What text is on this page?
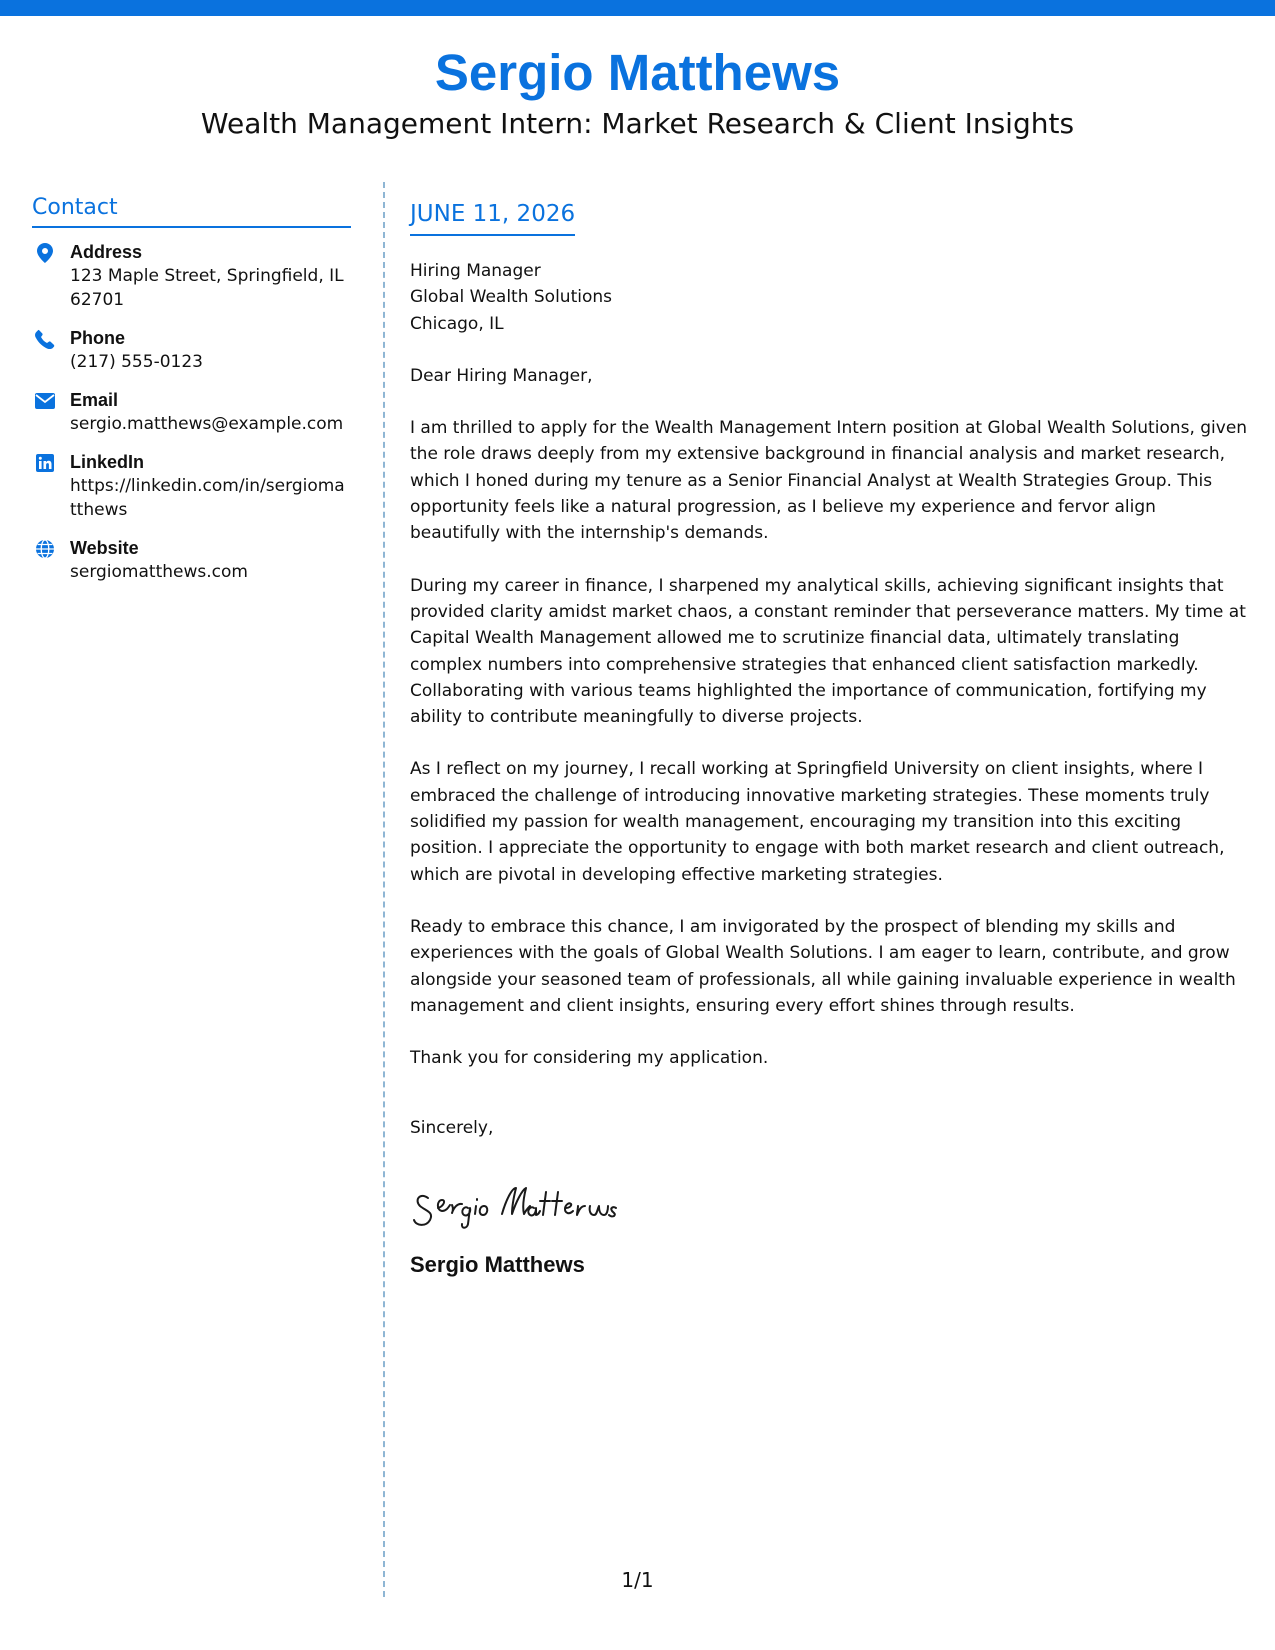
Sergio Matthews

Wealth Management Intern: Market Research & Client Insights

Contact
Address
123 Maple Street, Springfield, IL 62701
Phone
(217) 555-0123
Email
sergio.matthews@example.com
LinkedIn
https://linkedin.com/in/sergiomatthews
Website
sergiomatthews.com
JUNE 11, 2026

Hiring Manager

Global Wealth Solutions

Chicago, IL

Dear Hiring Manager,

I am thrilled to apply for the Wealth Management Intern position at Global Wealth Solutions, given the role draws deeply from my extensive background in financial analysis and market research, which I honed during my tenure as a Senior Financial Analyst at Wealth Strategies Group. This opportunity feels like a natural progression, as I believe my experience and fervor align beautifully with the internship's demands.

During my career in finance, I sharpened my analytical skills, achieving significant insights that provided clarity amidst market chaos, a constant reminder that perseverance matters. My time at Capital Wealth Management allowed me to scrutinize financial data, ultimately translating complex numbers into comprehensive strategies that enhanced client satisfaction markedly. Collaborating with various teams highlighted the importance of communication, fortifying my ability to contribute meaningfully to diverse projects.

As I reflect on my journey, I recall working at Springfield University on client insights, where I embraced the challenge of introducing innovative marketing strategies. These moments truly solidified my passion for wealth management, encouraging my transition into this exciting position. I appreciate the opportunity to engage with both market research and client outreach, which are pivotal in developing effective marketing strategies.

Ready to embrace this chance, I am invigorated by the prospect of blending my skills and experiences with the goals of Global Wealth Solutions. I am eager to learn, contribute, and grow alongside your seasoned team of professionals, all while gaining invaluable experience in wealth management and client insights, ensuring every effort shines through results.

Thank you for considering my application.

Sincerely,
Sergio Matthews
1/1
